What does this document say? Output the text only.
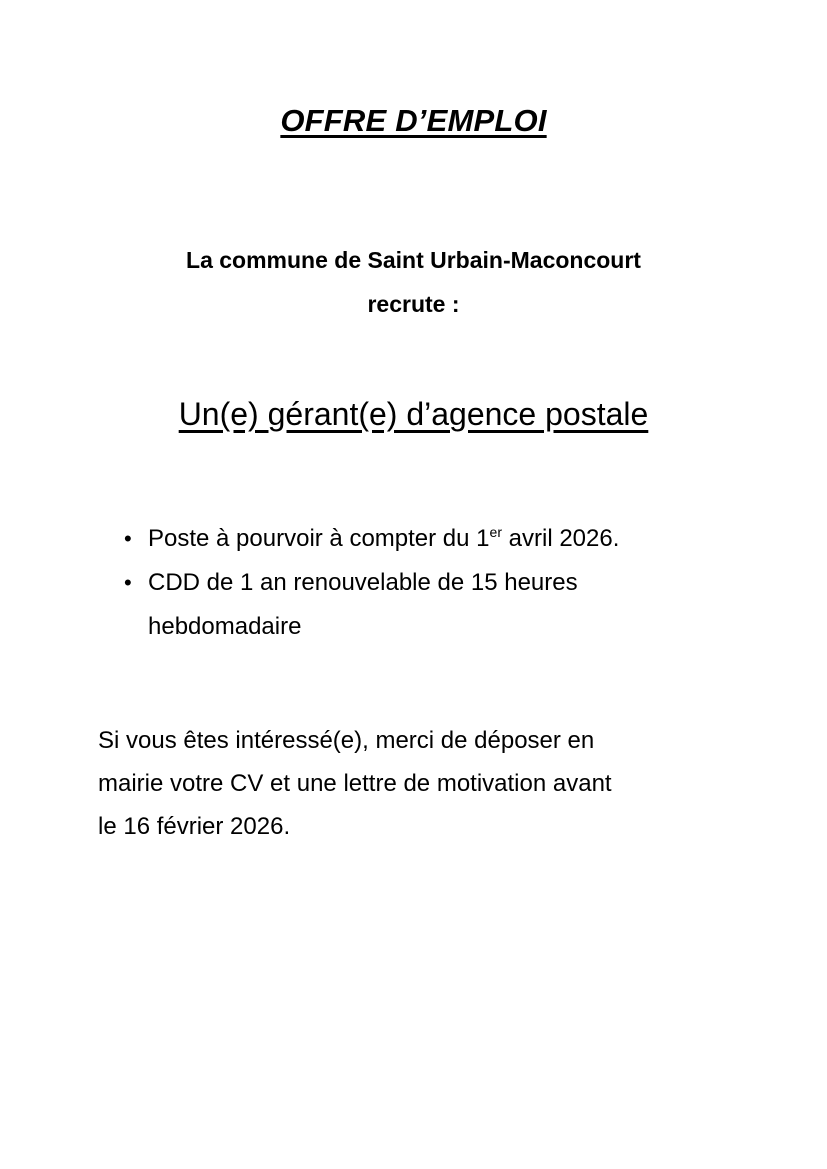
OFFRE D’EMPLOI
La commune de Saint Urbain-Maconcourt
recrute :
Un(e) gérant(e) d’agence postale
• Poste à pourvoir à compter du 1er avril 2026.
• CDD de 1 an renouvelable de 15 heures
hebdomadaire
Si vous êtes intéressé(e), merci de déposer en
mairie votre CV et une lettre de motivation avant
le 16 février 2026.
